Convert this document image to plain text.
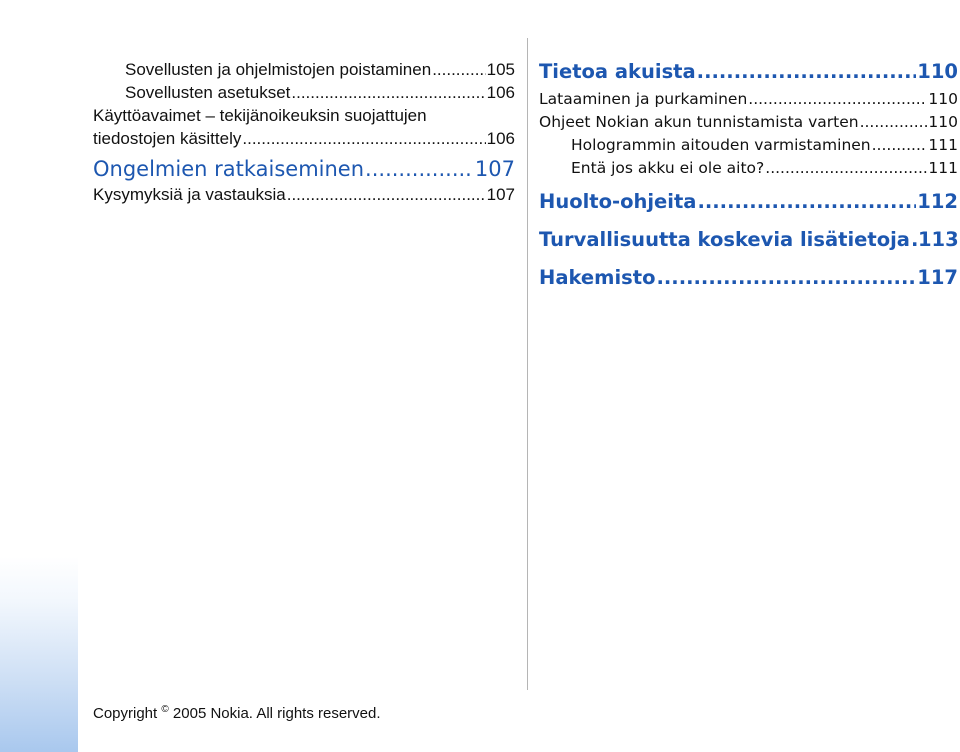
Sovellusten ja ohjelmistojen poistaminen .....	105
Sovellusten asetukset .....	106
Käyttöavaimet – tekijänoikeuksin suojattujen
tiedostojen käsittely .....	106
Ongelmien ratkaiseminen .....	107
Kysymyksiä ja vastauksia .....	107
Tietoa akuista .....	110
Lataaminen ja purkaminen .....	110
Ohjeet Nokian akun tunnistamista varten .....	110
Hologrammin aitouden varmistaminen .....	111
Entä jos akku ei ole aito? .....	111
Huolto-ohjeita .....	112
Turvallisuutta koskevia lisätietoja ..... 113
Hakemisto .....	117
Copyright © 2005 Nokia. All rights reserved.
